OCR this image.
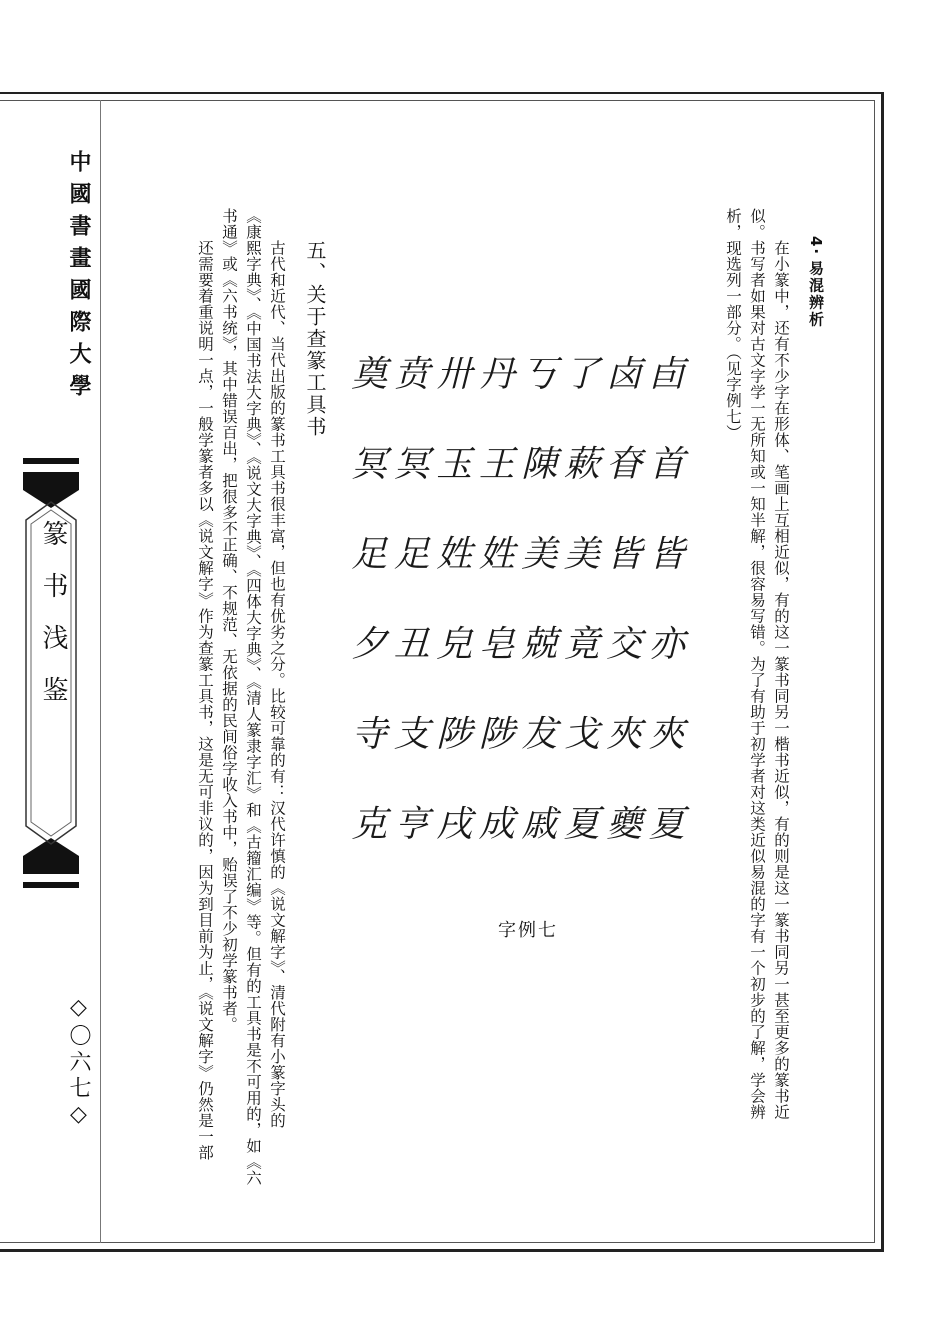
中國書畫國際大學
篆书浅鉴
◇〇六七◇
4·易混辨析
在小篆中，还有不少字在形体、笔画上互相近似，有的这一篆书同另一楷书近似，有的则是这一篆书同另一甚至更多的篆书近
似。书写者如果对古文字学一无所知或一知半解，很容易写错。为了有助于初学者对这类近似易混的字有一个初步的了解，学会辨
析，现选列一部分。（见字例七）
奠 贲 卅 丹 丂 了 卤 卣
冥 冥 玉 王 陳 蔌 眘 首
足 足 姓 姓 美 美 皆 皆
夕 丑 皃 皂 兢 竟 交 亦
寺 支 陟 陟 犮 戈 夾 夾
克 亨 戌 成 戚 夏 夔 夏
字例七
五、关于查篆工具书
古代和近代、当代出版的篆书工具书很丰富，但也有优劣之分。比较可靠的有：汉代许慎的《说文解字》、清代附有小篆字头的
《康熙字典》、《中国书法大字典》、《说文大字典》、《四体大字典》、《清人篆隶字汇》和《古籀汇编》等。但有的工具书是不可用的，如《六
书通》或《六书统》，其中错误百出，把很多不正确、不规范、无依据的民间俗字收入书中，贻误了不少初学篆书者。
还需要着重说明一点，一般学篆者多以《说文解字》作为查篆工具书，这是无可非议的，因为到目前为止，《说文解字》仍然是一部
